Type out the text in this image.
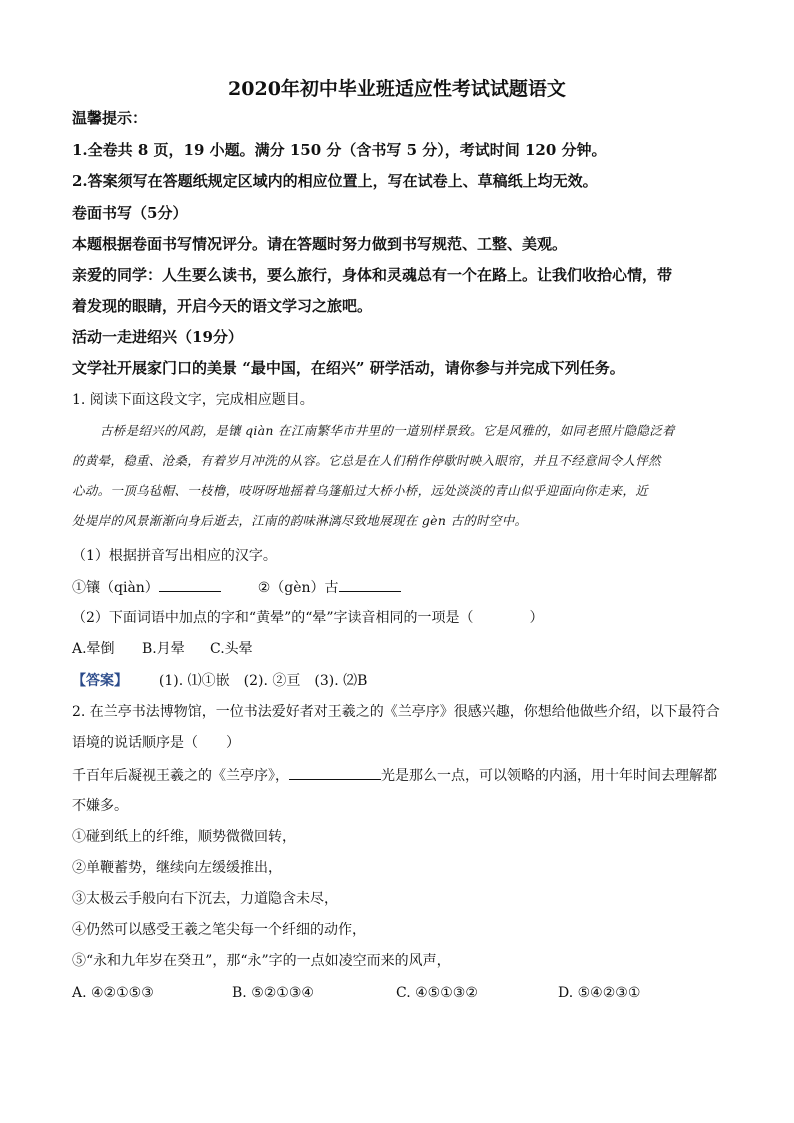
2020年初中毕业班适应性考试试题语文
温馨提示：
1.全卷共 8 页，19 小题。满分 150 分（含书写 5 分），考试时间 120 分钟。
2.答案须写在答题纸规定区域内的相应位置上，写在试卷上、草稿纸上均无效。
卷面书写（5分）
本题根据卷面书写情况评分。请在答题时努力做到书写规范、工整、美观。
亲爱的同学：人生要么读书，要么旅行，身体和灵魂总有一个在路上。让我们收拾心情，带
着发现的眼睛，开启今天的语文学习之旅吧。
活动一走进绍兴（19分）
文学社开展家门口的美景 “最中国，在绍兴” 研学活动，请你参与并完成下列任务。
1. 阅读下面这段文字，完成相应题目。

古桥是绍兴的风韵，是镶 qiàn 在江南繁华市井里的一道别样景致。它是风雅的，如同老照片隐隐泛着

的黄晕，稳重、沧桑，有着岁月冲洗的从容。它总是在人们稍作停歇时映入眼帘，并且不经意间令人怦然

心动。一顶乌毡帽、一枝橹，吱呀呀地摇着乌篷船过大桥小桥，远处淡淡的青山似乎迎面向你走来，近

处堤岸的风景渐渐向身后逝去，江南的韵味淋漓尽致地展现在 gèn 古的时空中。

（1）根据拼音写出相应的汉字。
①镶（qiàn）	②（gèn）古
（2）下面词语中加点的字和“黄晕”的“晕”字读音相同的一项是（　　　　）
A.晕倒 B.月晕 C.头晕
【答案】 (1). ⑴①嵌　(2). ②亘　(3). ⑵B
2. 在兰亭书法博物馆，一位书法爱好者对王羲之的《兰亭序》很感兴趣，你想给他做些介绍，以下最符合
语境的说话顺序是（　　）
千百年后凝视王羲之的《兰亭序》，	光是那么一点，可以领略的内涵，用十年时间去理解都
不嫌多。
①碰到纸上的纤维，顺势微微回转，
②单鞭蓄势，继续向左缓缓推出，
③太极云手般向右下沉去，力道隐含未尽，
④仍然可以感受王羲之笔尖每一个纤细的动作，
⑤“永和九年岁在癸丑”，那“永”字的一点如凌空而来的风声，
A. ④②①⑤③	B. ⑤②①③④	C. ④⑤①③②	D. ⑤④②③①
